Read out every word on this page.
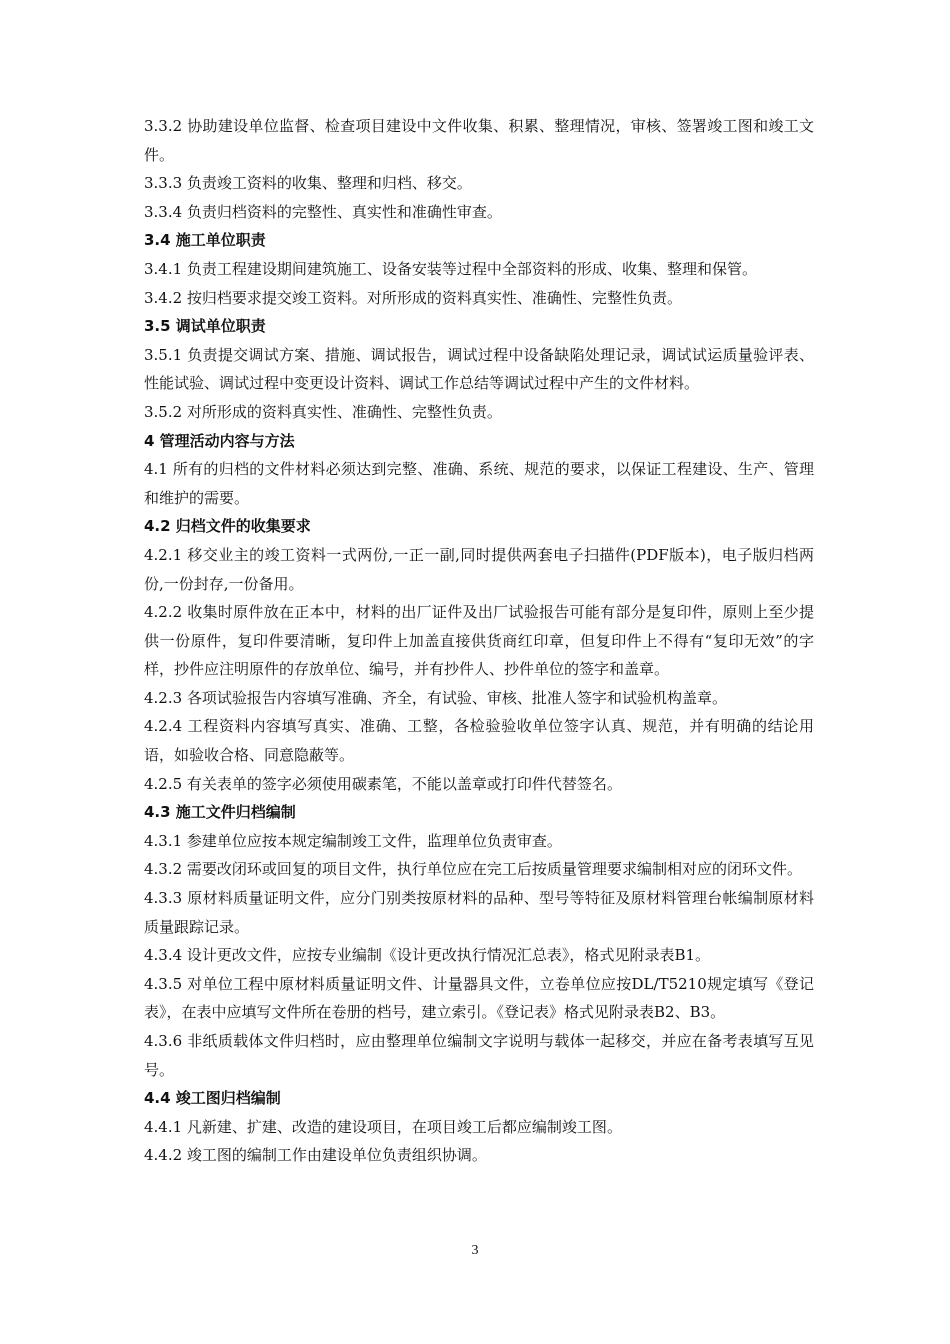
3.3.2 协助建设单位监督、检查项目建设中文件收集、积累、整理情况，审核、签署竣工图和竣工文件。

3.3.3 负责竣工资料的收集、整理和归档、移交。

3.3.4 负责归档资料的完整性、真实性和准确性审查。

3.4 施工单位职责

3.4.1 负责工程建设期间建筑施工、设备安装等过程中全部资料的形成、收集、整理和保管。

3.4.2 按归档要求提交竣工资料。对所形成的资料真实性、准确性、完整性负责。

3.5 调试单位职责

3.5.1 负责提交调试方案、措施、调试报告，调试过程中设备缺陷处理记录，调试试运质量验评表、性能试验、调试过程中变更设计资料、调试工作总结等调试过程中产生的文件材料。

3.5.2 对所形成的资料真实性、准确性、完整性负责。

4 管理活动内容与方法

4.1 所有的归档的文件材料必须达到完整、准确、系统、规范的要求，以保证工程建设、生产、管理和维护的需要。

4.2 归档文件的收集要求

4.2.1 移交业主的竣工资料一式两份,一正一副,同时提供两套电子扫描件(PDF版本)，电子版归档两份,一份封存,一份备用。

4.2.2 收集时原件放在正本中，材料的出厂证件及出厂试验报告可能有部分是复印件，原则上至少提供一份原件，复印件要清晰，复印件上加盖直接供货商红印章，但复印件上不得有“复印无效”的字样，抄件应注明原件的存放单位、编号，并有抄件人、抄件单位的签字和盖章。

4.2.3 各项试验报告内容填写准确、齐全，有试验、审核、批准人签字和试验机构盖章。

4.2.4 工程资料内容填写真实、准确、工整，各检验验收单位签字认真、规范，并有明确的结论用语，如验收合格、同意隐蔽等。

4.2.5 有关表单的签字必须使用碳素笔，不能以盖章或打印件代替签名。

4.3 施工文件归档编制

4.3.1 参建单位应按本规定编制竣工文件，监理单位负责审查。

4.3.2 需要改闭环或回复的项目文件，执行单位应在完工后按质量管理要求编制相对应的闭环文件。

4.3.3 原材料质量证明文件，应分门别类按原材料的品种、型号等特征及原材料管理台帐编制原材料质量跟踪记录。

4.3.4 设计更改文件，应按专业编制《设计更改执行情况汇总表》，格式见附录表B1。

4.3.5 对单位工程中原材料质量证明文件、计量器具文件，立卷单位应按DL/T5210规定填写《登记表》，在表中应填写文件所在卷册的档号，建立索引。《登记表》格式见附录表B2、B3。

4.3.6 非纸质载体文件归档时，应由整理单位编制文字说明与载体一起移交，并应在备考表填写互见号。

4.4 竣工图归档编制

4.4.1 凡新建、扩建、改造的建设项目，在项目竣工后都应编制竣工图。

4.4.2 竣工图的编制工作由建设单位负责组织协调。

3
